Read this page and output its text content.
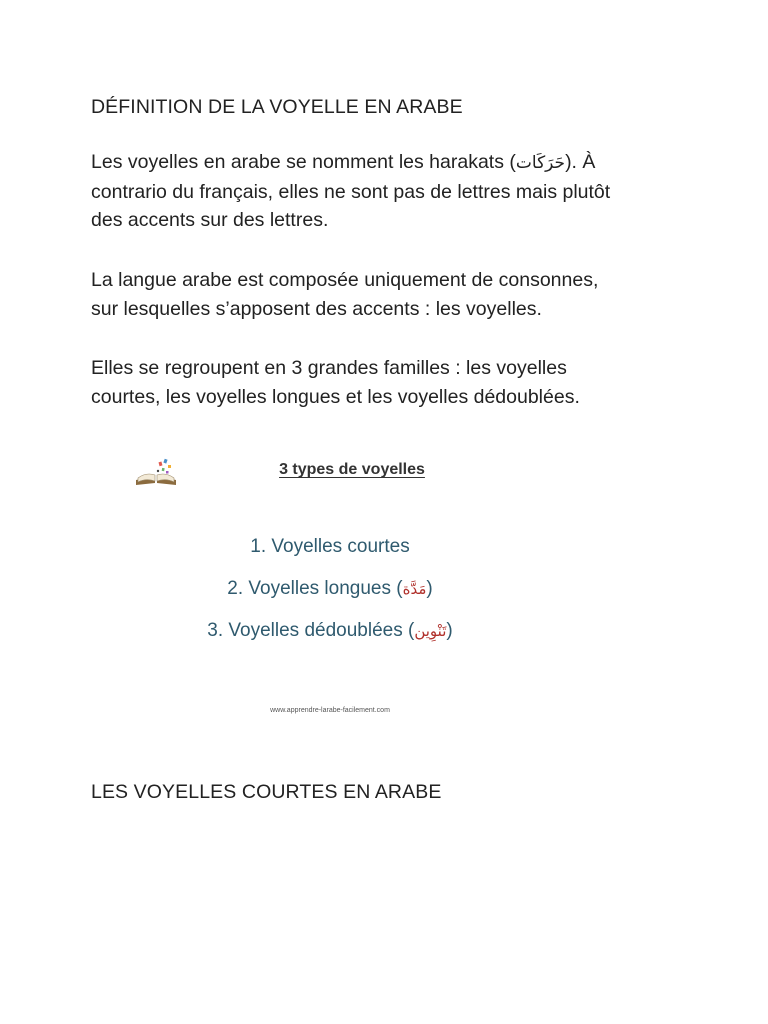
DÉFINITION DE LA VOYELLE EN ARABE
Les voyelles en arabe se nomment les harakats (حَرَكَات). À
contrario du français, elles ne sont pas de lettres mais plutôt
des accents sur des lettres.
La langue arabe est composée uniquement de consonnes,
sur lesquelles s’apposent des accents : les voyelles.
Elles se regroupent en 3 grandes familles : les voyelles
courtes, les voyelles longues et les voyelles dédoublées.
LES VOYELLES COURTES EN ARABE
3 types de voyelles
1. Voyelles courtes
2. Voyelles longues (مَدَّة)
3. Voyelles dédoublées (تَنْوِين)
www.apprendre-larabe-facilement.com
